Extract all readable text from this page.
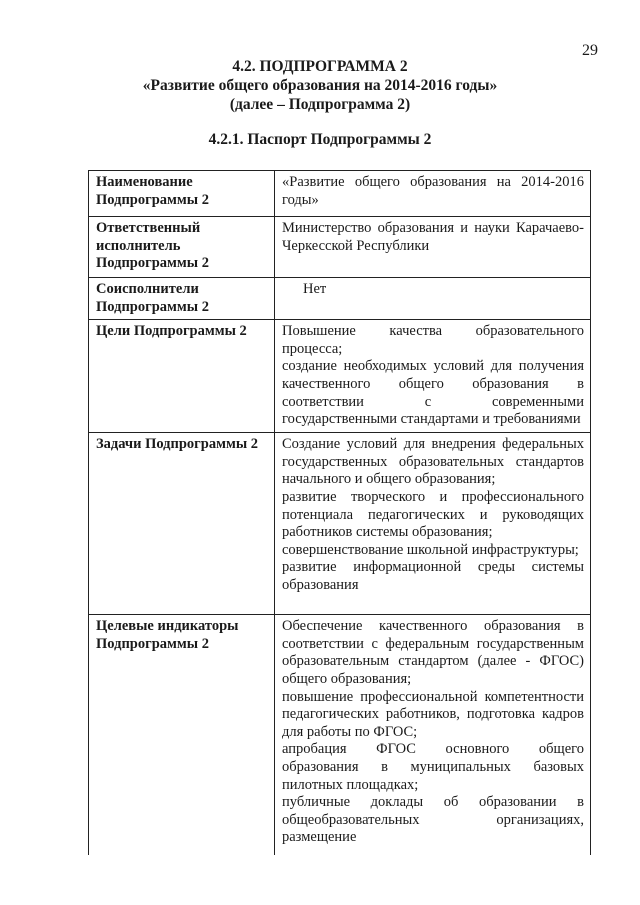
29
4.2. ПОДПРОГРАММА 2
«Развитие общего образования на 2014-2016 годы»
(далее – Подпрограмма 2)
4.2.1. Паспорт Подпрограммы 2
Наименование Подпрограммы 2	«Развитие общего образования на 2014-2016 годы»

Ответственный исполнитель Подпрограммы 2	Министерство образования и науки Карачаево-Черкесской Республики

Соисполнители Подпрограммы 2	Нет

Цели Подпрограммы 2	Повышение качества образовательного процесса;
создание необходимых условий для получения качественного общего образования в соответствии с современными государственными стандартами и требованиями

Задачи Подпрограммы 2	Создание условий для внедрения федеральных государственных образовательных стандартов начального и общего образования;
развитие творческого и профессионального потенциала педагогических и руководящих работников системы образования;
совершенствование школьной инфраструктуры;
развитие информационной среды системы образования

Целевые индикаторы Подпрограммы 2	Обеспечение качественного образования в соответствии с федеральным государственным образовательным стандартом (далее - ФГОС) общего образования;
повышение профессиональной компетентности педагогических работников, подготовка кадров для работы по ФГОС;
апробация ФГОС основного общего образования в муниципальных базовых пилотных площадках;
публичные доклады об образовании в общеобразовательных организациях, размещение
